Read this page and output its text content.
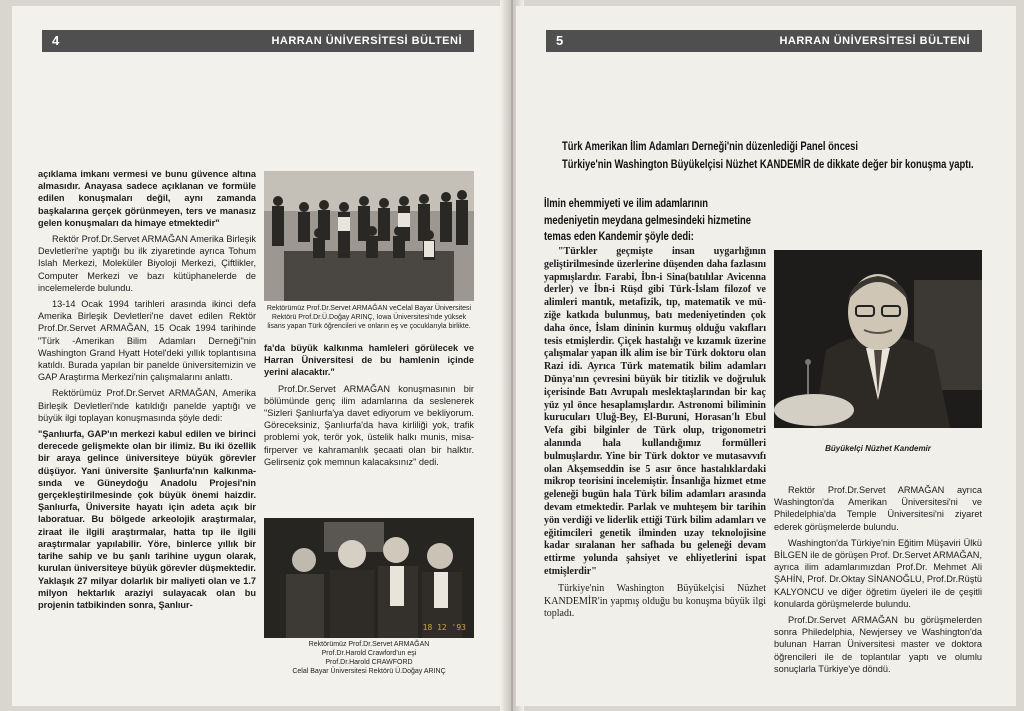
4	HARRAN ÜNİVERSİTESİ BÜLTENİ

açıklama imkanı vermesi ve bunu güvence altına almasıdır. Anayasa sadece açıklanan ve formüle edilen konuşmaları değil, aynı zamanda başkalarına gerçek görünmeyen, ters ve manasız gelen konuşmaları da himaye etmektedir"

Rektör Prof.Dr.Servet ARMAĞAN Amerika Birleşik Devletleri'ne yaptığı bu ilk ziyaretinde ayrıca Tohum Islah Merkezi, Moleküler Biyoloji Merkezi, Çiftlikler, Computer Merkezi ve bazı kütüphanelerde de incelemelerde bulundu.

13-14 Ocak 1994 tarihleri arasında ikinci defa Amerika Birleşik Devletleri'ne davet edilen Rektör Prof.Dr.Servet ARMAĞAN, 15 Ocak 1994 tarihinde "Türk -Amerikan Bilim Adamları Derneği"nin Washington Grand Hyatt Hotel'deki yıllık toplantısına katıldı. Burada yapılan bir panelde üniversitemizin ve GAP Araştırma Merkezi'nin çalışmalarını anlattı.

Rektörümüz Prof.Dr.Servet ARMAĞAN, Amerika Birleşik Devletleri'nde katıldığı panelde yaptığı ve büyük ilgi toplayan konuşmasında şöyle dedi:

"Şanlıurfa, GAP'ın merkezi kabul edilen ve birinci derecede gelişmekte olan bir ilimiz. Bu iki özellik bir araya gelince üniversiteye büyük görevler düşüyor. Yani üniversite Şanlıurfa'nın kalkınmasında ve Güneydoğu Anadolu Projesi'nin gerçekleştirilmesinde çok büyük önemi haizdir. Şanlıurfa, Üniversite hayatı için adeta açık bir laboratuar. Bu bölgede arkeolojik araştırmalar, ziraat ile ilgili araştırmalar, hatta tıp ile ilgili araştırmalar yapılabilir. Yöre, binlerce yıllık bir tarihe sahip ve bu şanlı tarihine uygun olarak, kurulan üniversiteye büyük görevler düşmektedir. Yaklaşık 27 milyar dolarlık bir maliyeti olan ve 1.7 milyon hektarlık araziyi sulayacak olan bu projenin tatbikinden sonra, Şanlıur-

Rektörümüz Prof.Dr.Servet ARMAĞAN veCelal Bayar Üniversitesi Rektörü Prof.Dr.Ü.Doğay ARINÇ, Iowa Üniversitesi'nde yüksek lisans yapan Türk öğrencileri ve onların eş ve çocuklarıyla birlikte.

fa'da büyük kalkınma hamleleri görülecek ve Harran Üniversitesi de bu hamlenin içinde yerini alacaktır."

Prof.Dr.Servet ARMAĞAN konuşmasının bir bölümünde genç ilim adamlarına da seslenerek "Sizleri Şanlıurfa'ya davet ediyorum ve bekliyorum. Göreceksiniz, Şanlıurfa'da hava kirliliği yok, trafik problemi yok, terör yok, üstelik halkı munis, misafirperver ve kahramanlık şecaati olan bir halktır. Gelirseniz çok memnun kalacaksınız" dedi.

18 12 '93
Rektörümüz Prof.Dr.Servet ARMAĞAN
Prof.Dr.Harold Crawford'un eşi
Prof.Dr.Harold CRAWFORD
Celal Bayar Üniversitesi Rektörü Ü.Doğay ARINÇ
5	HARRAN ÜNİVERSİTESİ BÜLTENİ
Türk Amerikan İlim Adamları Derneği'nin düzenlediği Panel öncesi
Türkiye'nin Washington Büyükelçisi Nüzhet KANDEMİR de dikkate değer bir konuşma yaptı.
İlmin ehemmiyeti ve ilim adamlarının
medeniyetin meydana gelmesindeki hizmetine
temas eden Kandemir şöyle dedi:

"Türkler geçmişte insan uygarlığının geliştirilmesinde üzerlerine düşenden daha fazlasını yapmışlardır. Farabi, İbn-i Sina(batılılar Avicenna derler) ve İbn-i Rüşd gibi Türk-İslam filozof ve alimleri mantık, metafizik, tıp, matematik ve müziğe katkıda bulunmuş, batı medeniyetinden çok daha önce, İslam dininin kurmuş olduğu vakıfları tesis etmişlerdir. Çiçek hastalığı ve kızamık üzerine çalışmalar yapan ilk alim ise bir Türk doktoru olan Razi idi. Ayrıca Türk matematik bilim adamları Dünya'nın çevresini büyük bir titizlik ve doğruluk içerisinde Batı Avrupalı meslektaşlarından bir kaç yüz yıl önce hesaplamışlardır. Astronomi biliminin kurucuları Uluğ-Bey, El-Buruni, Horasan'lı Ebul Vefa gibi bilginler de Türk olup, trigonometri alanında hala kullandığımız formülleri bulmuşlardır. Yine bir Türk doktor ve mutasavvıfı olan Akşemseddin ise 5 asır önce hastalıklardaki mikrop teorisini incelemiştir. İnsanlığa hizmet etme geleneği bugün hala Türk bilim adamları arasında devam etmektedir. Parlak ve muhteşem bir tarihin yön verdiği ve liderlik ettiği Türk bilim adamları ve eğitimcileri genetik ilminden uzay teknolojisine kadar sıralanan her safhada bu geleneği devam ettirme yolunda şahsiyet ve ehliyetlerini ispat etmişlerdir"

Türkiye'nin Washington Büyükelçisi Nüzhet KANDEMİR'in yapmış olduğu bu konuşma büyük ilgi topladı.

Büyükelçi Nüzhet Kandemir

Rektör Prof.Dr.Servet ARMAĞAN ayrıca Washington'da Amerikan Üniversitesi'ni ve Philedelphia'da Temple Üniversitesi'ni ziyaret ederek görüşmelerde bulundu.

Washington'da Türkiye'nin Eğitim Müşaviri Ülkü BİLGEN ile de görüşen Prof. Dr.Servet ARMAĞAN, ayrıca ilim adamlarımızdan Prof.Dr. Mehmet Ali ŞAHİN, Prof. Dr.Oktay SİNANOĞLU, Prof.Dr.Rüştü KALYONCU ve diğer öğretim üyeleri ile de çeşitli konularda görüşmelerde bulundu.

Prof.Dr.Servet ARMAĞAN bu görüşmelerden sonra Philedelphia, Newjersey ve Washington'da bulunan Harran Üniversitesi master ve doktora öğrencileri ile de toplantılar yaptı ve olumlu sonuçlarla Türkiye'ye döndü.
